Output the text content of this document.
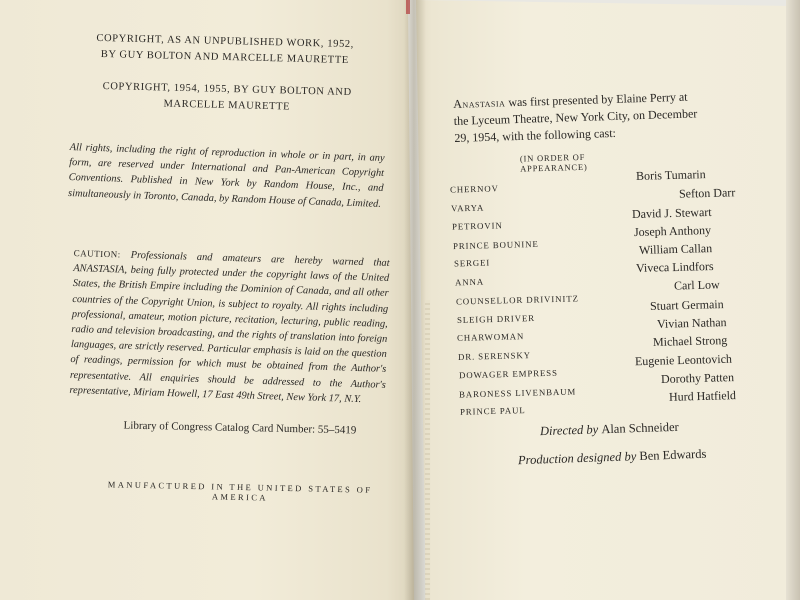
COPYRIGHT, AS AN UNPUBLISHED WORK, 1952, BY GUY BOLTON AND MARCELLE MAURETTE
COPYRIGHT, 1954, 1955, BY GUY BOLTON AND MARCELLE MAURETTE
All rights, including the right of reproduction in whole or in part, in any form, are reserved under International and Pan-American Copyright Conventions. Published in New York by Random House, Inc., and simultaneously in Toronto, Canada, by Random House of Canada, Limited.
CAUTION: Professionals and amateurs are hereby warned that ANASTASIA, being fully protected under the copyright laws of the United States, the British Empire including the Dominion of Canada, and all other countries of the Copyright Union, is subject to royalty. All rights including professional, amateur, motion picture, recitation, lecturing, public reading, radio and television broadcasting, and the rights of translation into foreign languages, are strictly reserved. Particular emphasis is laid on the question of readings, permission for which must be obtained from the Author's representative. All enquiries should be addressed to the Author's representative, Miriam Howell, 17 East 49th Street, New York 17, N.Y.
Library of Congress Catalog Card Number: 55–5419
MANUFACTURED IN THE UNITED STATES OF AMERICA
Anastasia was first presented by Elaine Perry at the Lyceum Theatre, New York City, on December 29, 1954, with the following cast:
(IN ORDER OF APPEARANCE)
CHERNOV
Boris Tumarin
VARYA
Sefton Darr
PETROVIN
David J. Stewart
PRINCE BOUNINE
Joseph Anthony
SERGEI
William Callan
ANNA
Viveca Lindfors
COUNSELLOR DRIVINITZ
Carl Low
SLEIGH DRIVER
Stuart Germain
CHARWOMAN
Vivian Nathan
DR. SERENSKY
Michael Strong
DOWAGER EMPRESS
Eugenie Leontovich
BARONESS LIVENBAUM
Dorothy Patten
PRINCE PAUL
Hurd Hatfield
Directed by Alan Schneider
Production designed by Ben Edwards
